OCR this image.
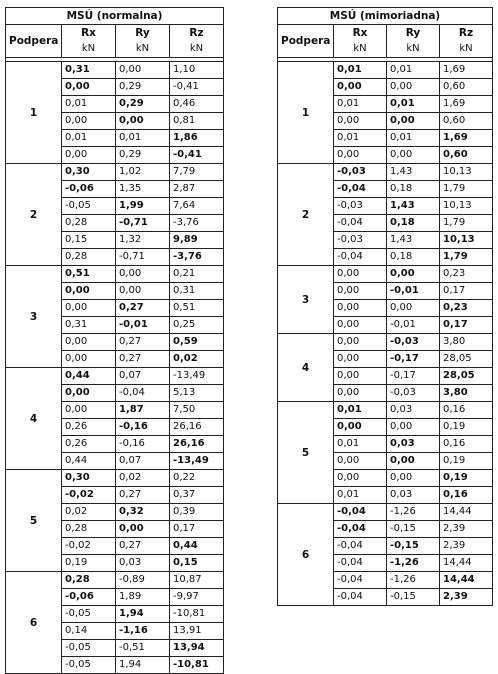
MSÚ (normalna)			
Podpera	Rx	Ry	Rz
	kN	kN	kN

1	0,31	0,00	1,10
	0,00	0,29	-0,41
	0,01	0,29	0,46
	0,00	0,00	0,81
	0,01	0,01	1,86
	0,00	0,29	-0,41
2	0,30	1,02	7,79
	-0,06	1,35	2,87
	-0,05	1,99	7,64
	0,28	-0,71	-3,76
	0,15	1,32	9,89
	0,28	-0,71	-3,76
3	0,51	0,00	0,21
	0,00	0,00	0,31
	0,00	0,27	0,51
	0,31	-0,01	0,25
	0,00	0,27	0,59
	0,00	0,27	0,02
4	0,44	0,07	-13,49
	0,00	-0,04	5,13
	0,00	1,87	7,50
	0,26	-0,16	26,16
	0,26	-0,16	26,16
	0,44	0,07	-13,49
5	0,30	0,02	0,22
	-0,02	0,27	0,37
	0,02	0,32	0,39
	0,28	0,00	0,17
	-0,02	0,27	0,44
	0,19	0,03	0,15
6	0,28	-0,89	10,87
	-0,06	1,89	-9,97
	-0,05	1,94	-10,81
	0,14	-1,16	13,91
	-0,05	-0,51	13,94
	-0,05	1,94	-10,81
MSÚ (mimoriadna)			
Podpera	Rx	Ry	Rz
	kN	kN	kN

1	0,01	0,01	1,69
	0,00	0,00	0,60
	0,01	0,01	1,69
	0,00	0,00	0,60
	0,01	0,01	1,69
	0,00	0,00	0,60
2	-0,03	1,43	10,13
	-0,04	0,18	1,79
	-0,03	1,43	10,13
	-0,04	0,18	1,79
	-0,03	1,43	10,13
	-0,04	0,18	1,79
3	0,00	0,00	0,23
	0,00	-0,01	0,17
	0,00	0,00	0,23
	0,00	-0,01	0,17
4	0,00	-0,03	3,80
	0,00	-0,17	28,05
	0,00	-0,17	28,05
	0,00	-0,03	3,80
5	0,01	0,03	0,16
	0,00	0,00	0,19
	0,01	0,03	0,16
	0,00	0,00	0,19
	0,00	0,00	0,19
	0,01	0,03	0,16
6	-0,04	-1,26	14,44
	-0,04	-0,15	2,39
	-0,04	-0,15	2,39
	-0,04	-1,26	14,44
	-0,04	-1,26	14,44
	-0,04	-0,15	2,39
